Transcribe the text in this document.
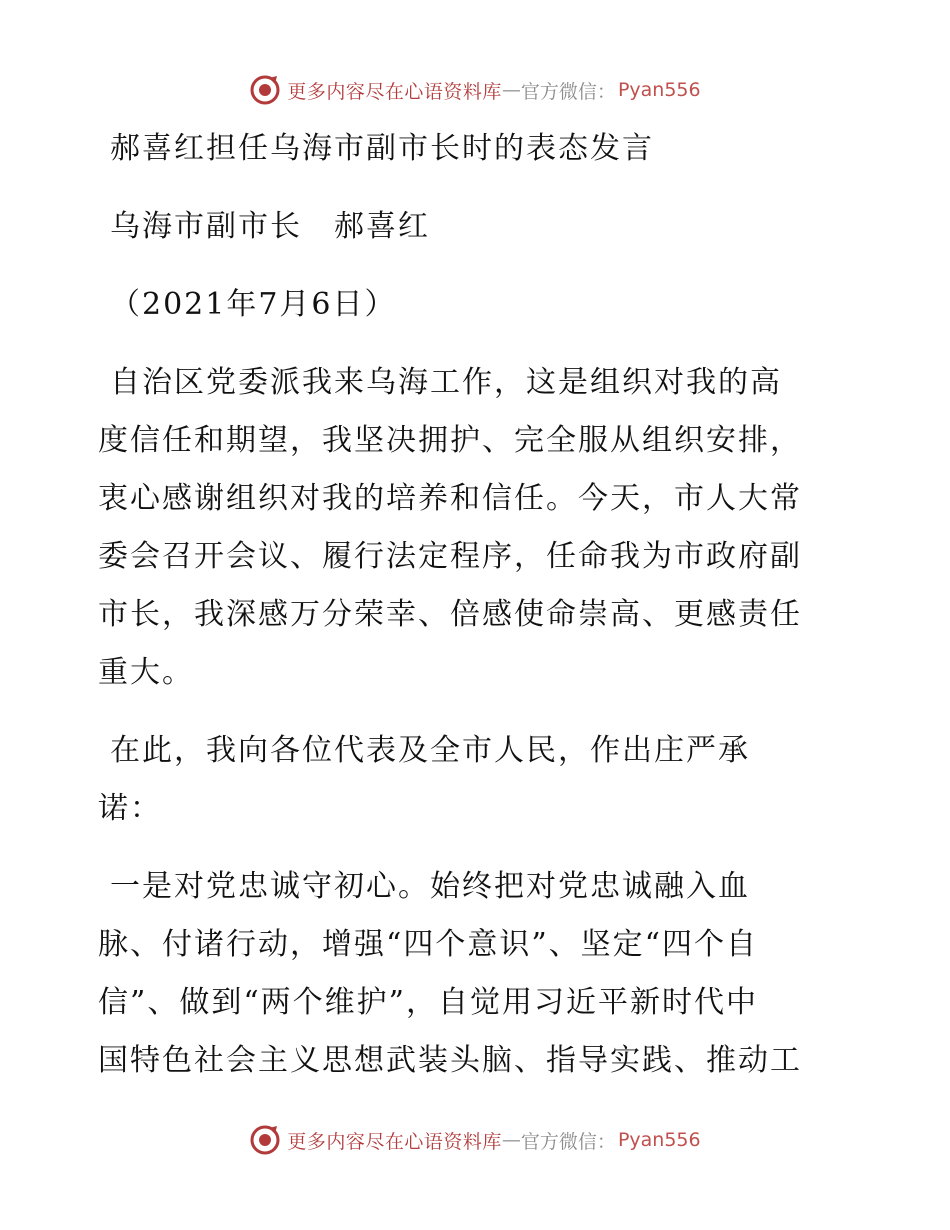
更多内容尽在心语资料库 — 官方微信： Pyan556

郝喜红担任乌海市副市长时的表态发言

乌海市副市长　郝喜红

（2021年7月6日）

自治区党委派我来乌海工作，这是组织对我的高

度信任和期望，我坚决拥护、完全服从组织安排，

衷心感谢组织对我的培养和信任。今天，市人大常

委会召开会议、履行法定程序，任命我为市政府副

市长，我深感万分荣幸、倍感使命崇高、更感责任

重大。

在此，我向各位代表及全市人民，作出庄严承

诺：

一是对党忠诚守初心。始终把对党忠诚融入血

脉、付诸行动，增强“四个意识”、坚定“四个自

信”、做到“两个维护”，自觉用习近平新时代中

国特色社会主义思想武装头脑、指导实践、推动工

更多内容尽在心语资料库 — 官方微信： Pyan556
